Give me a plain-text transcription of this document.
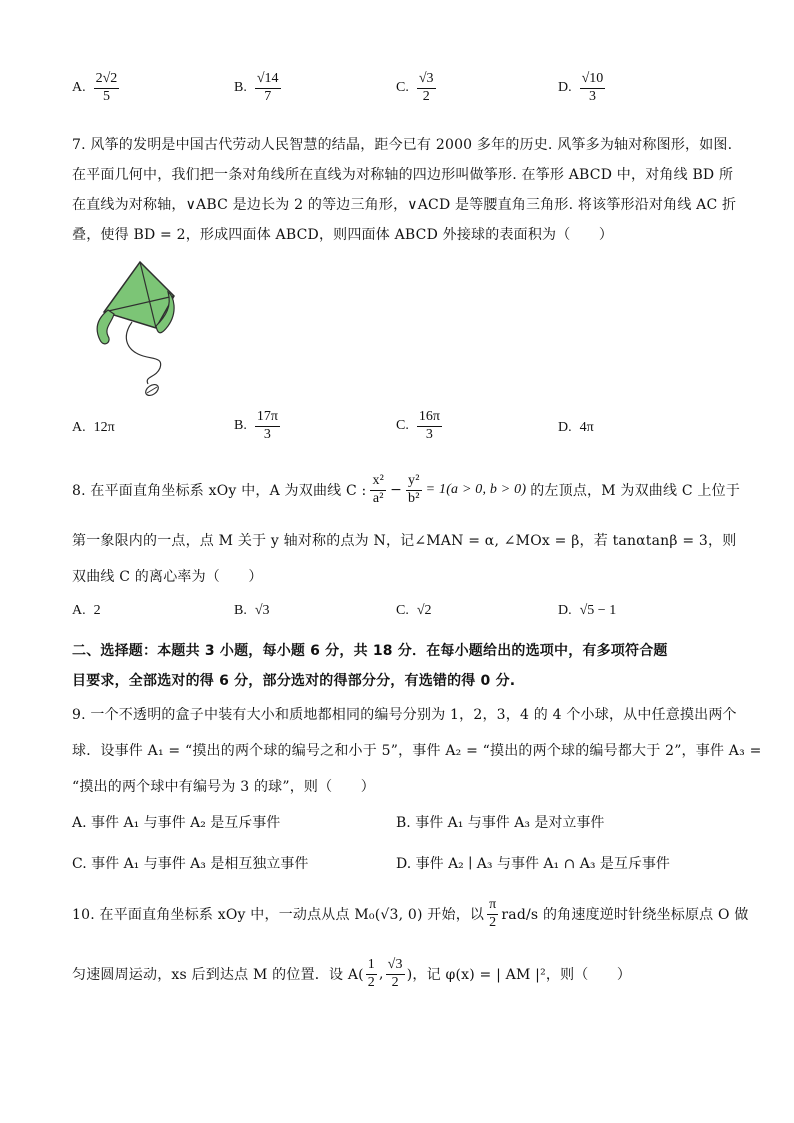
A. $\frac{2√2}{5}$	B. $\frac{√14}{7}$	C. $\frac{√3}{2}$	D. $\frac{√10}{3}$
7. 风筝的发明是中国古代劳动人民智慧的结晶，距今已有 2000 多年的历史. 风筝多为轴对称图形，如图.
在平面几何中，我们把一条对角线所在直线为对称轴的四边形叫做筝形. 在筝形 ABCD 中，对角线 BD 所
在直线为对称轴，∨ABC 是边长为 2 的等边三角形，∨ACD 是等腰直角三角形. 将该筝形沿对角线 AC 折
叠，使得 BD = 2，形成四面体 ABCD，则四面体 ABCD 外接球的表面积为（　　）
A. 12π	B. $\frac{17\pi}{3}$	C. $\frac{16\pi}{3}$	D. 4π
8. 在平面直角坐标系 xOy 中，A 为双曲线 C : $\frac{\text{x²}}{\text{a²}} - \frac{\text{y²}}{\text{b²}} = 1(a > 0$, b > 0) 的左顶点，M 为双曲线 C 上位于
第一象限内的一点，点 M 关于 y 轴对称的点为 N，记∠MAN = α, ∠MOx = β，若 tanαtanβ = 3，则
双曲线 C 的离心率为（　　）
A. 2	B. √3	C. √2	D. √5 − 1
二、选择题：本题共 3 小题，每小题 6 分，共 18 分．在每小题给出的选项中，有多项符合题
目要求，全部选对的得 6 分，部分选对的得部分分，有选错的得 0 分.
9. 一个不透明的盒子中装有大小和质地都相同的编号分别为 1，2，3，4 的 4 个小球，从中任意摸出两个
球．设事件 A₁ = “摸出的两个球的编号之和小于 5”，事件 A₂ = “摸出的两个球的编号都大于 2”，事件 A₃ =
“摸出的两个球中有编号为 3 的球”，则（　　）
A. 事件 A₁ 与事件 A₂ 是互斥事件	B. 事件 A₁ 与事件 A₃ 是对立事件
C. 事件 A₁ 与事件 A₃ 是相互独立事件	D. 事件 A₂ ∣ A₃ 与事件 A₁ ∩ A₃ 是互斥事件
10. 在平面直角坐标系 xOy 中，一动点从点 M₀(√3, 0) 开始，以 $\frac{\pi}{2} rad/s$ 的角速度逆时针绕坐标原点 O 做
匀速圆周运动，xs 后到达点 M 的位置．设 $A( \frac{1}{2}$ , $\frac{√3}{2}$ )，记 φ(x) = | AM |²，则（　　）
